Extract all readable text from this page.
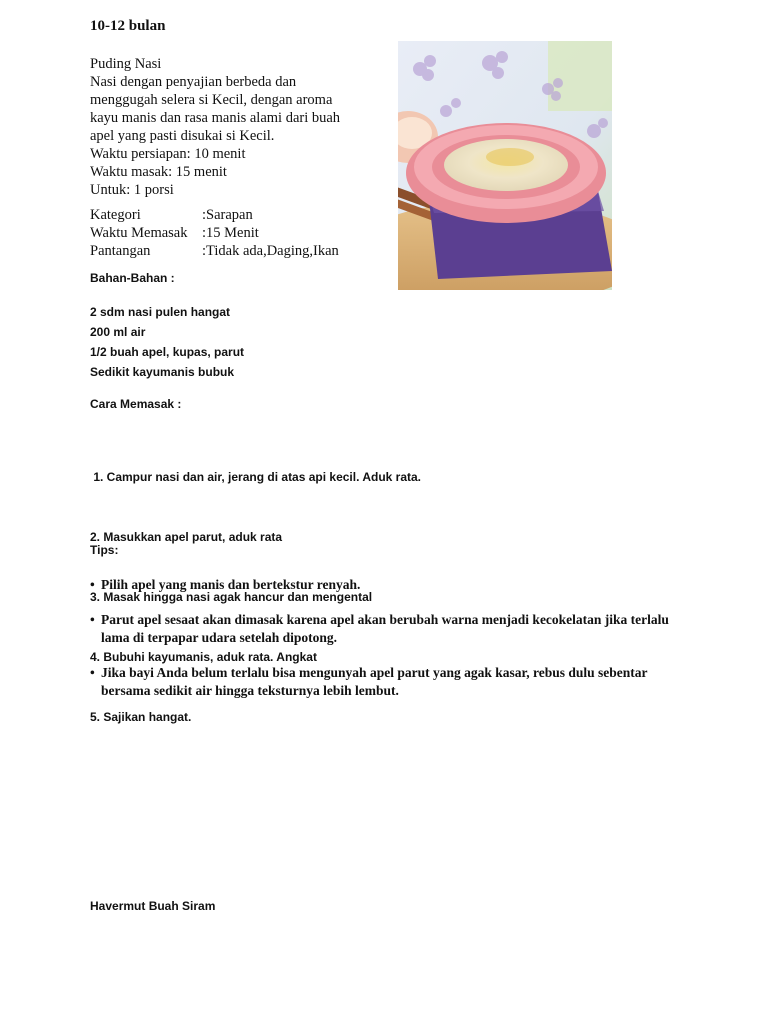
10-12 bulan
Puding Nasi
Nasi dengan penyajian berbeda dan
menggugah selera si Kecil, dengan aroma
kayu manis dan rasa manis alami dari buah
apel yang pasti disukai si Kecil.
Waktu persiapan: 10 menit
Waktu masak: 15 menit
Untuk: 1 porsi
Kategori	:Sarapan
Waktu Memasak	:15 Menit
Pantangan	:Tidak ada,Daging,Ikan
Bahan-Bahan :
2 sdm nasi pulen hangat
200 ml air
1/2 buah apel, kupas, parut
Sedikit kayumanis bubuk
Cara Memasak :

1. Campur nasi dan air, jerang di atas api kecil. Aduk rata.

2. Masukkan apel parut, aduk rata

3. Masak hingga nasi agak hancur dan mengental

4. Bubuhi kayumanis, aduk rata. Angkat

5. Sajikan hangat.

Tips:
• Pilih apel yang manis dan bertekstur renyah.
• Parut apel sesaat akan dimasak karena apel akan berubah warna menjadi kecokelatan jika terlalu lama di terpapar udara setelah dipotong.
• Jika bayi Anda belum terlalu bisa mengunyah apel parut yang agak kasar, rebus dulu sebentar bersama sedikit air hingga teksturnya lebih lembut.
Havermut Buah Siram
